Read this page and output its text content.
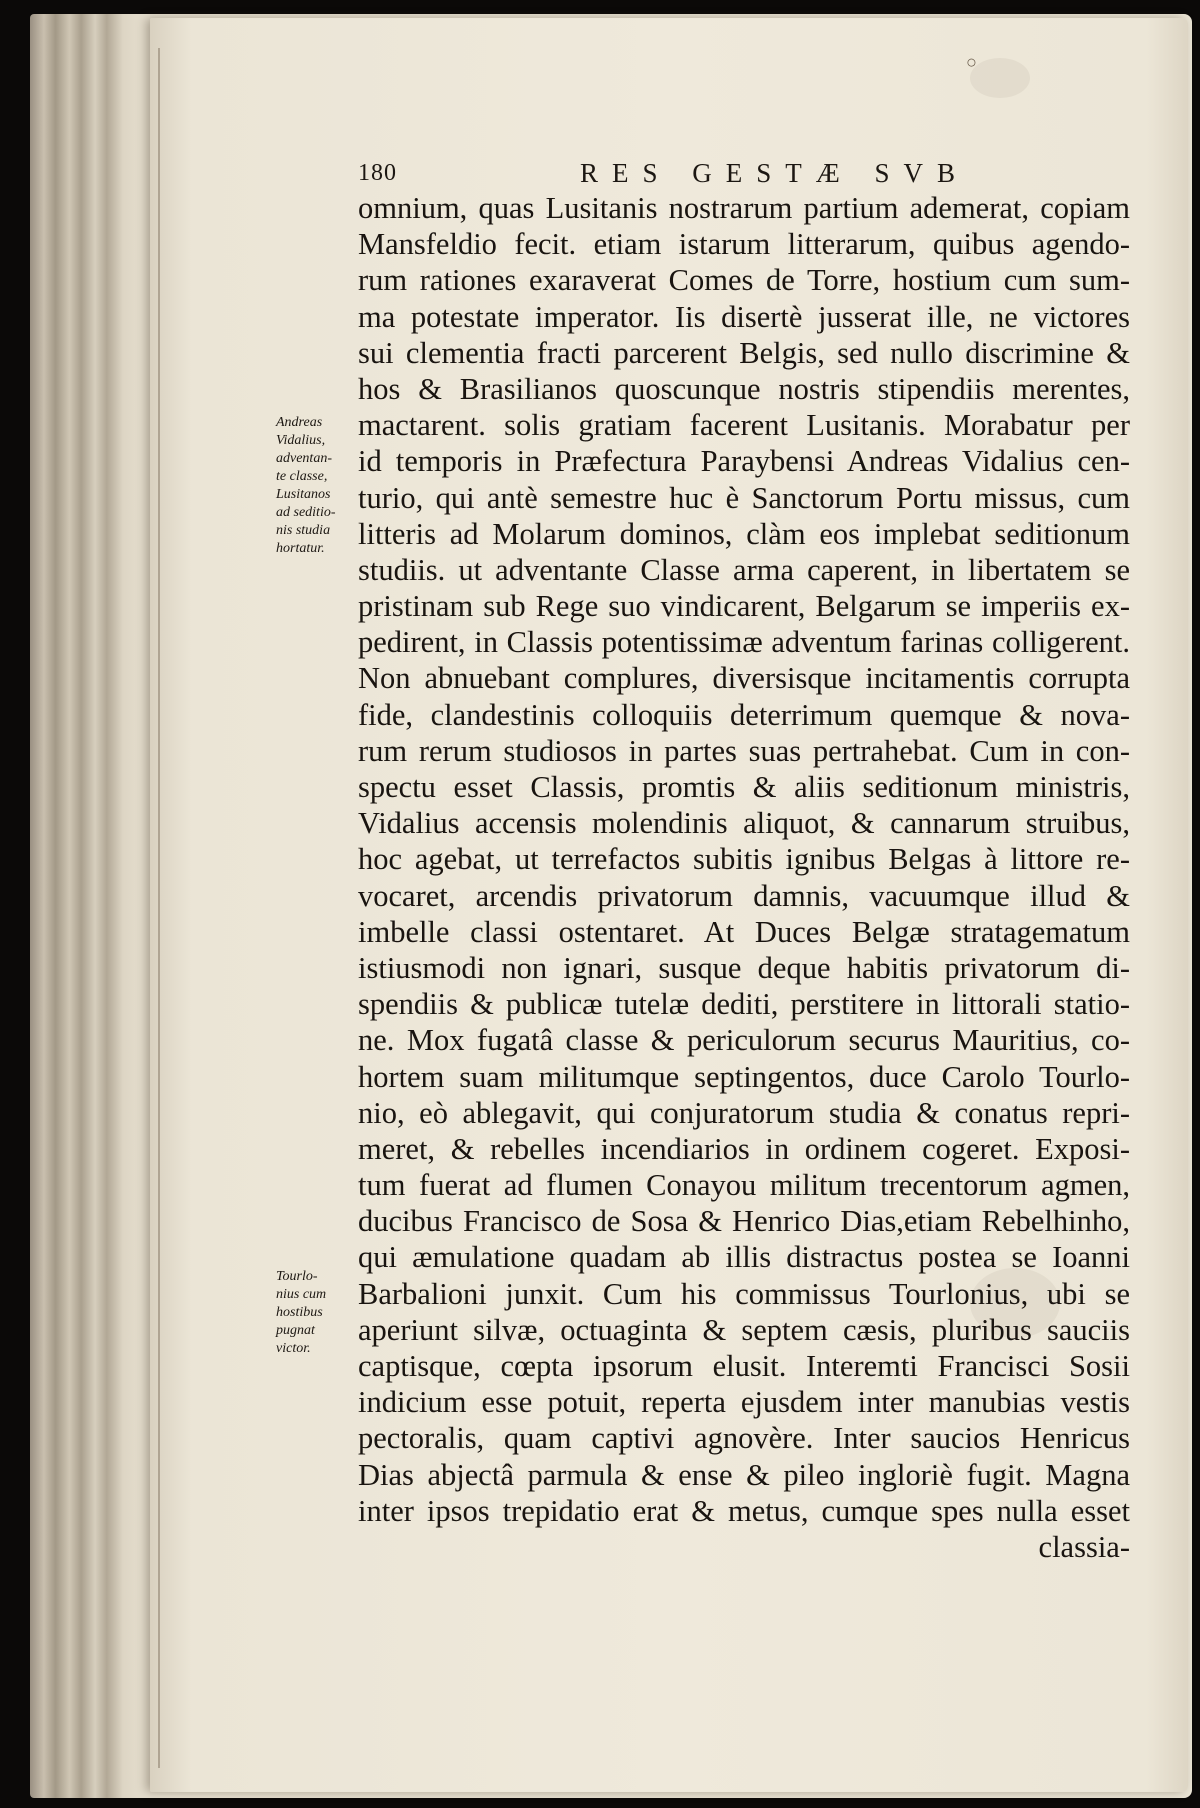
○
180	RES GESTÆ SVB
Andreas
Vidalius,
adventan-
te classe,
Lusitanos
ad seditio-
nis studia
hortatur.
Tourlo-
nius cum
hostibus
pugnat
victor.
omnium, quas Lusitanis nostrarum partium ademerat, copiam
Mansfeldio fecit. etiam istarum litterarum, quibus agendo-
rum rationes exaraverat Comes de Torre, hostium cum sum-
ma potestate imperator. Iis disertè jusserat ille, ne victores
sui clementia fracti parcerent Belgis, sed nullo discrimine &
hos & Brasilianos quoscunque nostris stipendiis merentes,
mactarent. solis gratiam facerent Lusitanis. Morabatur per
id temporis in Præfectura Paraybensi Andreas Vidalius cen-
turio, qui antè semestre huc è Sanctorum Portu missus, cum
litteris ad Molarum dominos, clàm eos implebat seditionum
studiis. ut adventante Classe arma caperent, in libertatem se
pristinam sub Rege suo vindicarent, Belgarum se imperiis ex-
pedirent, in Classis potentissimæ adventum farinas colligerent.
Non abnuebant complures, diversisque incitamentis corrupta
fide, clandestinis colloquiis deterrimum quemque & nova-
rum rerum studiosos in partes suas pertrahebat. Cum in con-
spectu esset Classis, promtis & aliis seditionum ministris,
Vidalius accensis molendinis aliquot, & cannarum struibus,
hoc agebat, ut terrefactos subitis ignibus Belgas à littore re-
vocaret, arcendis privatorum damnis, vacuumque illud &
imbelle classi ostentaret. At Duces Belgæ stratagematum
istiusmodi non ignari, susque deque habitis privatorum di-
spendiis & publicæ tutelæ dediti, perstitere in littorali statio-
ne. Mox fugatâ classe & periculorum securus Mauritius, co-
hortem suam militumque septingentos, duce Carolo Tourlo-
nio, eò ablegavit, qui conjuratorum studia & conatus repri-
meret, & rebelles incendiarios in ordinem cogeret. Exposi-
tum fuerat ad flumen Conayou militum trecentorum agmen,
ducibus Francisco de Sosa & Henrico Dias,etiam Rebelhinho,
qui æmulatione quadam ab illis distractus postea se Ioanni
Barbalioni junxit. Cum his commissus Tourlonius, ubi se
aperiunt silvæ, octuaginta & septem cæsis, pluribus sauciis
captisque, cœpta ipsorum elusit. Interemti Francisci Sosii
indicium esse potuit, reperta ejusdem inter manubias vestis
pectoralis, quam captivi agnovère. Inter saucios Henricus
Dias abjectâ parmula & ense & pileo ingloriè fugit. Magna
inter ipsos trepidatio erat & metus, cumque spes nulla esset
classia-
